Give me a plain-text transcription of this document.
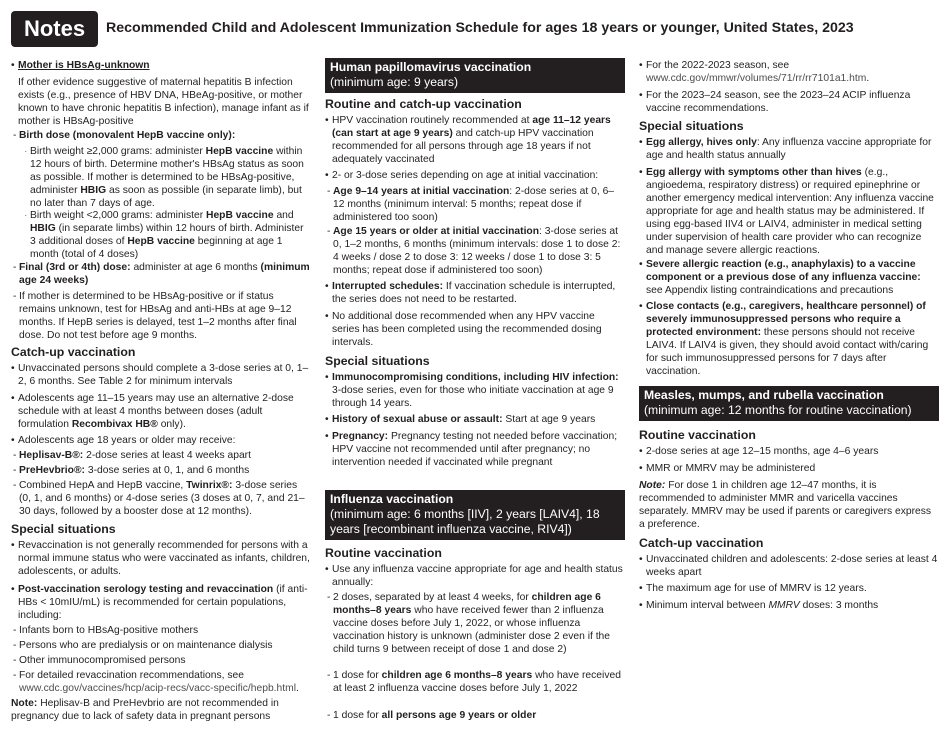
Notes	Recommended Child and Adolescent Immunization Schedule for ages 18 years or younger, United States, 2023
• Mother is HBsAg-unknown
If other evidence suggestive of maternal hepatitis B infection exists (e.g., presence of HBV DNA, HBeAg-positive, or mother known to have chronic hepatitis B infection), manage infant as if mother is HBsAg-positive
- Birth dose (monovalent HepB vaccine only):
· Birth weight ≥2,000 grams: administer HepB vaccine within 12 hours of birth. Determine mother's HBsAg status as soon as possible. If mother is determined to be HBsAg-positive, administer HBIG as soon as possible (in separate limb), but no later than 7 days of age.
· Birth weight <2,000 grams: administer HepB vaccine and HBIG (in separate limbs) within 12 hours of birth. Administer 3 additional doses of HepB vaccine beginning at age 1 month (total of 4 doses)
- Final (3rd or 4th) dose: administer at age 6 months (minimum age 24 weeks)
- If mother is determined to be HBsAg-positive or if status remains unknown, test for HBsAg and anti-HBs at age 9–12 months. If HepB series is delayed, test 1–2 months after final dose. Do not test before age 9 months.
Catch-up vaccination
• Unvaccinated persons should complete a 3-dose series at 0, 1–2, 6 months. See Table 2 for minimum intervals
• Adolescents age 11–15 years may use an alternative 2-dose schedule with at least 4 months between doses (adult formulation Recombivax HB® only).
• Adolescents age 18 years or older may receive:
- Heplisav-B®: 2-dose series at least 4 weeks apart
- PreHevbrio®: 3-dose series at 0, 1, and 6 months
- Combined HepA and HepB vaccine, Twinrix®: 3-dose series (0, 1, and 6 months) or 4-dose series (3 doses at 0, 7, and 21–30 days, followed by a booster dose at 12 months).
Special situations
• Revaccination is not generally recommended for persons with a normal immune status who were vaccinated as infants, children, adolescents, or adults.
• Post-vaccination serology testing and revaccination (if anti-HBs < 10mIU/mL) is recommended for certain populations, including:
- Infants born to HBsAg-positive mothers
- Persons who are predialysis or on maintenance dialysis
- Other immunocompromised persons
- For detailed revaccination recommendations, see www.cdc.gov/vaccines/hcp/acip-recs/vacc-specific/hepb.html.
Note: Heplisav-B and PreHevbrio are not recommended in pregnancy due to lack of safety data in pregnant persons
Human papillomavirus vaccination
(minimum age: 9 years)
Routine and catch-up vaccination
• HPV vaccination routinely recommended at age 11–12 years (can start at age 9 years) and catch-up HPV vaccination recommended for all persons through age 18 years if not adequately vaccinated
• 2- or 3-dose series depending on age at initial vaccination:
- Age 9–14 years at initial vaccination: 2-dose series at 0, 6–12 months (minimum interval: 5 months; repeat dose if administered too soon)
- Age 15 years or older at initial vaccination: 3-dose series at 0, 1–2 months, 6 months (minimum intervals: dose 1 to dose 2: 4 weeks / dose 2 to dose 3: 12 weeks / dose 1 to dose 3: 5 months; repeat dose if administered too soon)
• Interrupted schedules: If vaccination schedule is interrupted, the series does not need to be restarted.
• No additional dose recommended when any HPV vaccine series has been completed using the recommended dosing intervals.
Special situations
• Immunocompromising conditions, including HIV infection: 3-dose series, even for those who initiate vaccination at age 9 through 14 years.
• History of sexual abuse or assault: Start at age 9 years
• Pregnancy: Pregnancy testing not needed before vaccination; HPV vaccine not recommended until after pregnancy; no intervention needed if vaccinated while pregnant
Influenza vaccination
(minimum age: 6 months [IIV], 2 years [LAIV4], 18 years [recombinant influenza vaccine, RIV4])
Routine vaccination
• Use any influenza vaccine appropriate for age and health status annually:
- 2 doses, separated by at least 4 weeks, for children age 6 months–8 years who have received fewer than 2 influenza vaccine doses before July 1, 2022, or whose influenza vaccination history is unknown (administer dose 2 even if the child turns 9 between receipt of dose 1 and dose 2)
- 1 dose for children age 6 months–8 years who have received at least 2 influenza vaccine doses before July 1, 2022
- 1 dose for all persons age 9 years or older
• For the 2022-2023 season, see www.cdc.gov/mmwr/volumes/71/rr/rr7101a1.htm.
• For the 2023–24 season, see the 2023–24 ACIP influenza vaccine recommendations.
Special situations
• Egg allergy, hives only: Any influenza vaccine appropriate for age and health status annually
• Egg allergy with symptoms other than hives (e.g., angioedema, respiratory distress) or required epinephrine or another emergency medical intervention: Any influenza vaccine appropriate for age and health status may be administered. If using egg-based IIV4 or LAIV4, administer in medical setting under supervision of health care provider who can recognize and manage severe allergic reactions.
• Severe allergic reaction (e.g., anaphylaxis) to a vaccine component or a previous dose of any influenza vaccine: see Appendix listing contraindications and precautions
• Close contacts (e.g., caregivers, healthcare personnel) of severely immunosuppressed persons who require a protected environment: these persons should not receive LAIV4. If LAIV4 is given, they should avoid contact with/caring for such immunosuppressed persons for 7 days after vaccination.
Measles, mumps, and rubella vaccination
(minimum age: 12 months for routine vaccination)
Routine vaccination
• 2-dose series at age 12–15 months, age 4–6 years
• MMR or MMRV may be administered
Note: For dose 1 in children age 12–47 months, it is recommended to administer MMR and varicella vaccines separately. MMRV may be used if parents or caregivers express a preference.
Catch-up vaccination
• Unvaccinated children and adolescents: 2-dose series at least 4 weeks apart
• The maximum age for use of MMRV is 12 years.
• Minimum interval between MMRV doses: 3 months
